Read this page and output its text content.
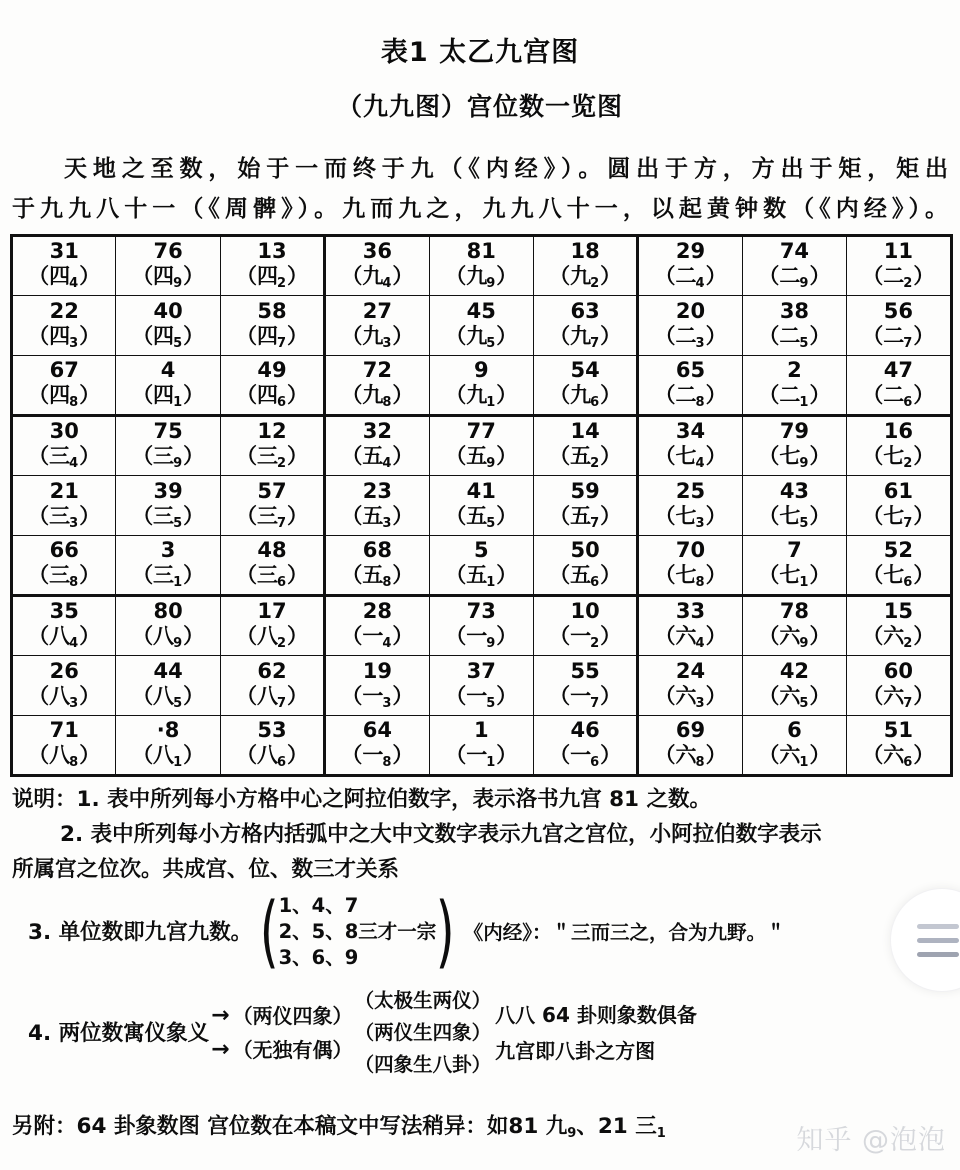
表1 太乙九宫图
（九九图）宫位数一览图

天地之至数，始于一而终于九（《内经》）。圆出于方，方出于矩，矩出
于九九八十一（《周髀》）。九而九之，九九八十一，以起黄钟数（《内经》）。

31
（四$_4$）	76
（四$_9$）	13
（四$_2$）	36
（九$_4$）	81
（九$_9$）	18
（九$_2$）	29
（二$_4$）	74
（二$_9$）	11
（二$_2$）

22
（四$_3$）	40
（四$_5$）	58
（四$_7$）	27
（九$_3$）	45
（九$_5$）	63
（九$_7$）	20
（二$_3$）	38
（二$_5$）	56
（二$_7$）

67
（四$_8$）	4
（四$_1$）	49
（四$_6$）	72
（九$_8$）	9
（九$_1$）	54
（九$_6$）	65
（二$_8$）	2
（二$_1$）	47
（二$_6$）

30
（三$_4$）	75
（三$_9$）	12
（三$_2$）	32
（五$_4$）	77
（五$_9$）	14
（五$_2$）	34
（七$_4$）	79
（七$_9$）	16
（七$_2$）

21
（三$_3$）	39
（三$_5$）	57
（三$_7$）	23
（五$_3$）	41
（五$_5$）	59
（五$_7$）	25
（七$_3$）	43
（七$_5$）	61
（七$_7$）

66
（三$_8$）	3
（三$_1$）	48
（三$_6$）	68
（五$_8$）	5
（五$_1$）	50
（五$_6$）	70
（七$_8$）	7
（七$_1$）	52
（七$_6$）

35
（八$_4$）	80
（八$_9$）	17
（八$_2$）	28
（一$_4$）	73
（一$_9$）	10
（一$_2$）	33
（六$_4$）	78
（六$_9$）	15
（六$_2$）

26
（八$_3$）	44
（八$_5$）	62
（八$_7$）	19
（一$_3$）	37
（一$_5$）	55
（一$_7$）	24
（六$_3$）	42
（六$_5$）	60
（六$_7$）

71
（八$_8$）	·8
（八$_1$）	53
（八$_6$）	64
（一$_8$）	1
（一$_1$）	46
（一$_6$）	69
（六$_8$）	6
（六$_1$）	51
（六$_6$）
说明：1. 表中所列每小方格中心之阿拉伯数字，表示洛书九宫 81 之数。
2. 表中所列每小方格内括弧中之大中文数字表示九宫之宫位，小阿拉伯数字表示
所属宫之位次。共成宫、位、数三才关系
3. 单位数即九宫九数。 ( 1、4、7
2、5、8三才一宗
3、6、9 ) 《内经》：＂三而三之，合为九野。＂
4. 两位数寓仪象义
→ （两仪四象）
→ （无独有偶）
（太极生两仪）
（两仪生四象）
（四象生八卦）
八八 64 卦则象数俱备
九宫即八卦之方图
另附：64 卦象数图 宫位数在本稿文中写法稍异：如81 九$_9$、21 三$_1$	知乎 @泡泡
